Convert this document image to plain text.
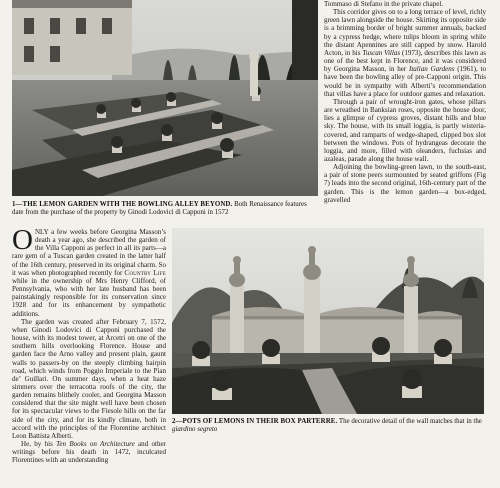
1—THE LEMON GARDEN WITH THE BOWLING ALLEY BEYOND. Both Renaissance features date from the purchase of the property by Ginodi Lodovici di Capponi in 1572

Tommaso di Stefano in the private chapel.

This corridor gives on to a long terrace of level, richly green lawn alongside the house. Skirting its opposite side is a brimming border of bright summer annuals, backed by a cypress hedge, where tulips bloom in spring while the distant Apennines are still capped by snow. Harold Acton, in his Tuscan Villas (1973), describes this lawn as one of the best kept in Florence, and it was considered by Georgina Masson, in her Italian Gardens (1961), to have been the bowling alley of pre-Capponi origin. This would be in sympathy with Alberti’s recommendation that villas have a place for outdoor games and relaxation.

Through a pair of wrought-iron gates, whose pillars are wreathed in Banksian roses, opposite the house door, lies a glimpse of cypress groves, distant hills and blue sky. The house, with its small loggia, is partly wisteria-covered, and ramparts of wedge-shaped, clipped box slot between the windows. Pots of hydrangeas decorate the loggia, and more, filled with oleanders, fuchsias and azaleas, parade along the house wall.

Adjoining the bowling-green lawn, to the south-east, a pair of stone peers surmounted by seated griffons (Fig 7) leads into the second original, 16th-century part of the garden. This is the lemon garden—a box-edged, gravelled

ONLY a few weeks before Georgina Masson’s death a year ago, she described the garden of the Villa Capponi as perfect in all its parts—a rare gem of a Tuscan garden created in the latter half of the 16th century, preserved in its original charm. So it was when photographed recently for Country Life while in the ownership of Mrs Henry Clifford, of Pennsylvania, who with her late husband has been painstakingly responsible for its conservation since 1928 and for its enhancement by sympathetic additions.

The garden was created after February 7, 1572, when Ginodi Lodovici di Capponi purchased the house, with its modest tower, at Arcetri on one of the southern hills overlooking Florence. House and garden face the Arno valley and present plain, gaunt walls to passers-by on the steeply climbing hairpin road, which winds from Poggio Imperiale to the Pian de’ Guillari. On summer days, when a heat haze simmers over the terracotta roofs of the city, the garden remains blithely cooler, and Georgina Masson considered that the site might well have been chosen for its spectacular views to the Fiesole hills on the far side of the city, and for its kindly climate, both in accord with the principles of the Florentine architect Leon Battista Alberti.

He, by his Ten Books on Architecture and other writings before his death in 1472, inculcated Florentines with an understanding

2—POTS OF LEMONS IN THEIR BOX PARTERRE. The decorative detail of the wall matches that in the giardino segreto
